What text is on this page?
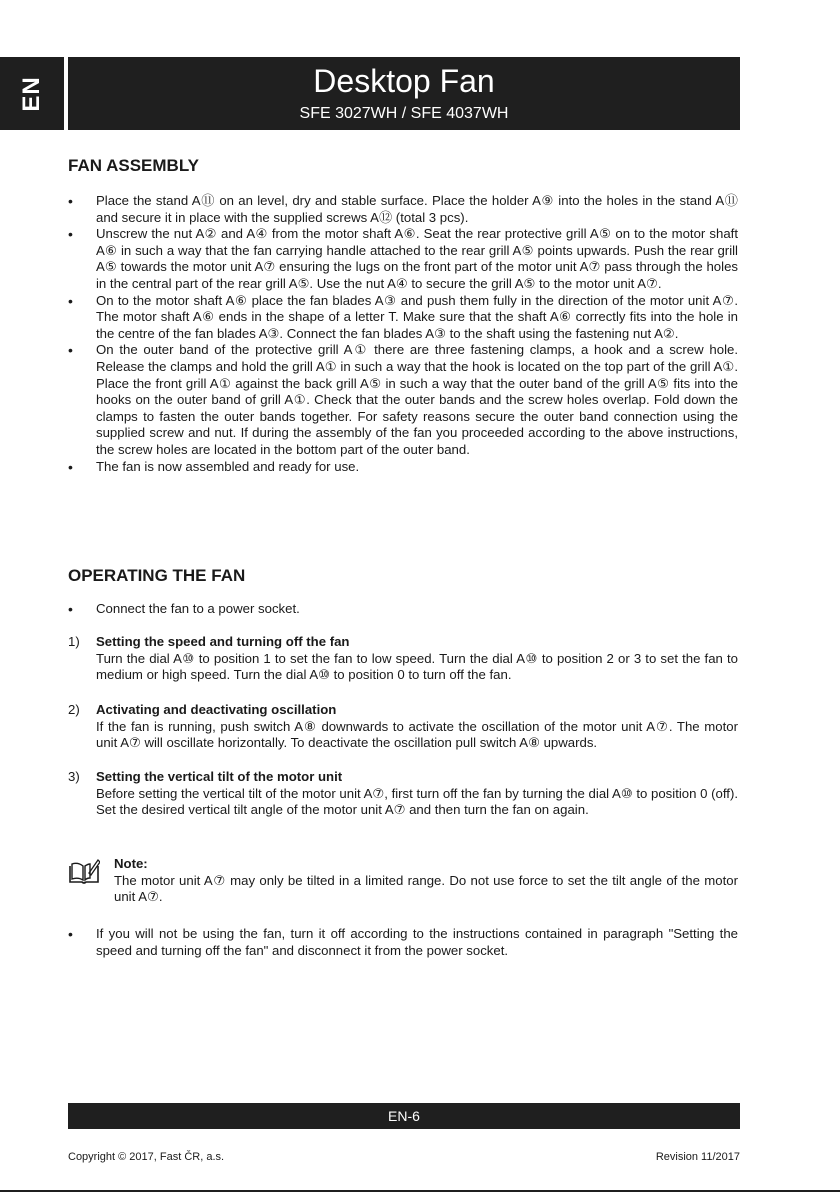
EN	Desktop Fan
SFE 3027WH / SFE 4037WH
FAN ASSEMBLY

• Place the stand A⑪ on an level, dry and stable surface. Place the holder A⑨ into the holes in the stand A⑪ and secure it in place with the supplied screws A⑫ (total 3 pcs).

• Unscrew the nut A② and A④ from the motor shaft A⑥. Seat the rear protective grill A⑤ on to the motor shaft A⑥ in such a way that the fan carrying handle attached to the rear grill A⑤ points upwards. Push the rear grill A⑤ towards the motor unit A⑦ ensuring the lugs on the front part of the motor unit A⑦ pass through the holes in the central part of the rear grill A⑤. Use the nut A④ to secure the grill A⑤ to the motor unit A⑦.

• On to the motor shaft A⑥ place the fan blades A③ and push them fully in the direction of the motor unit A⑦. The motor shaft A⑥ ends in the shape of a letter T. Make sure that the shaft A⑥ correctly fits into the hole in the centre of the fan blades A③. Connect the fan blades A③ to the shaft using the fastening nut A②.

• On the outer band of the protective grill A① there are three fastening clamps, a hook and a screw hole. Release the clamps and hold the grill A① in such a way that the hook is located on the top part of the grill A①. Place the front grill A① against the back grill A⑤ in such a way that the outer band of the grill A⑤ fits into the hooks on the outer band of grill A①. Check that the outer bands and the screw holes overlap. Fold down the clamps to fasten the outer bands together. For safety reasons secure the outer band connection using the supplied screw and nut. If during the assembly of the fan you proceeded according to the above instructions, the screw holes are located in the bottom part of the outer band.

• The fan is now assembled and ready for use.

OPERATING THE FAN

• Connect the fan to a power socket.

1) Setting the speed and turning off the fan
Turn the dial A⑩ to position 1 to set the fan to low speed. Turn the dial A⑩ to position 2 or 3 to set the fan to medium or high speed. Turn the dial A⑩ to position 0 to turn off the fan.
2) Activating and deactivating oscillation
If the fan is running, push switch A⑧ downwards to activate the oscillation of the motor unit A⑦. The motor unit A⑦ will oscillate horizontally. To deactivate the oscillation pull switch A⑧ upwards.
3) Setting the vertical tilt of the motor unit
Before setting the vertical tilt of the motor unit A⑦, first turn off the fan by turning the dial A⑩ to position 0 (off). Set the desired vertical tilt angle of the motor unit A⑦ and then turn the fan on again.
Note:
The motor unit A⑦ may only be tilted in a limited range. Do not use force to set the tilt angle of the motor unit A⑦.

• If you will not be using the fan, turn it off according to the instructions contained in paragraph "Setting the speed and turning off the fan" and disconnect it from the power socket.

EN-6
Copyright © 2017, Fast ČR, a.s.	Revision 11/2017
